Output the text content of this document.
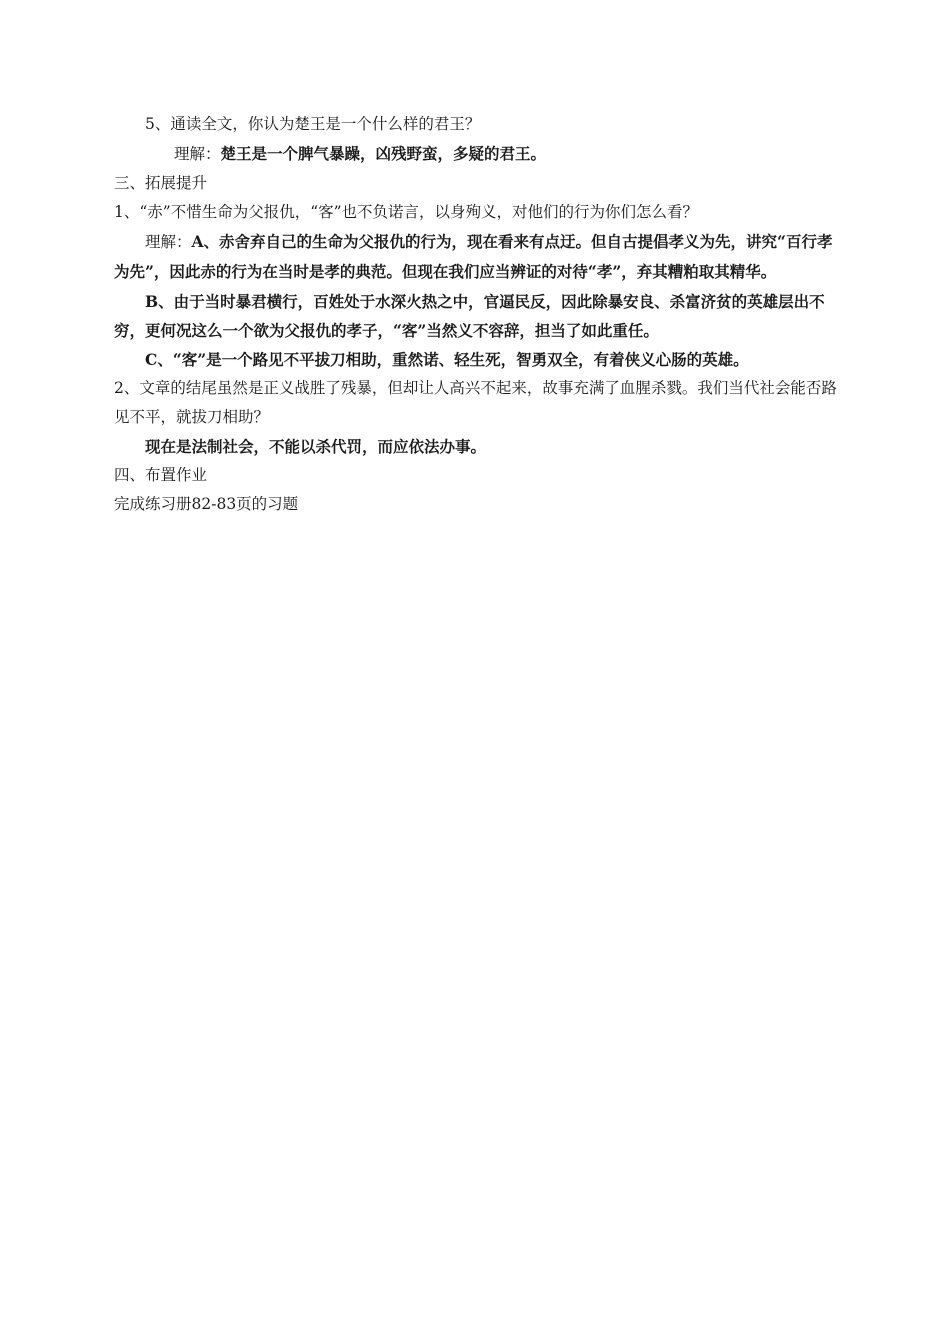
5、通读全文，你认为楚王是一个什么样的君王？

理解：楚王是一个脾气暴躁，凶残野蛮，多疑的君王。

三、拓展提升

1、“赤”不惜生命为父报仇，“客”也不负诺言，以身殉义，对他们的行为你们怎么看？

理解：A、赤舍弃自己的生命为父报仇的行为，现在看来有点迂。但自古提倡孝义为先，讲究“百行孝为先”，因此赤的行为在当时是孝的典范。但现在我们应当辨证的对待“孝”，弃其糟粕取其精华。

B、由于当时暴君横行，百姓处于水深火热之中，官逼民反，因此除暴安良、杀富济贫的英雄层出不穷，更何况这么一个欲为父报仇的孝子，“客”当然义不容辞，担当了如此重任。

C、“客”是一个路见不平拔刀相助，重然诺、轻生死，智勇双全，有着侠义心肠的英雄。

2、文章的结尾虽然是正义战胜了残暴，但却让人高兴不起来，故事充满了血腥杀戮。我们当代社会能否路见不平，就拔刀相助？

现在是法制社会，不能以杀代罚，而应依法办事。

四、布置作业

完成练习册82-83页的习题
